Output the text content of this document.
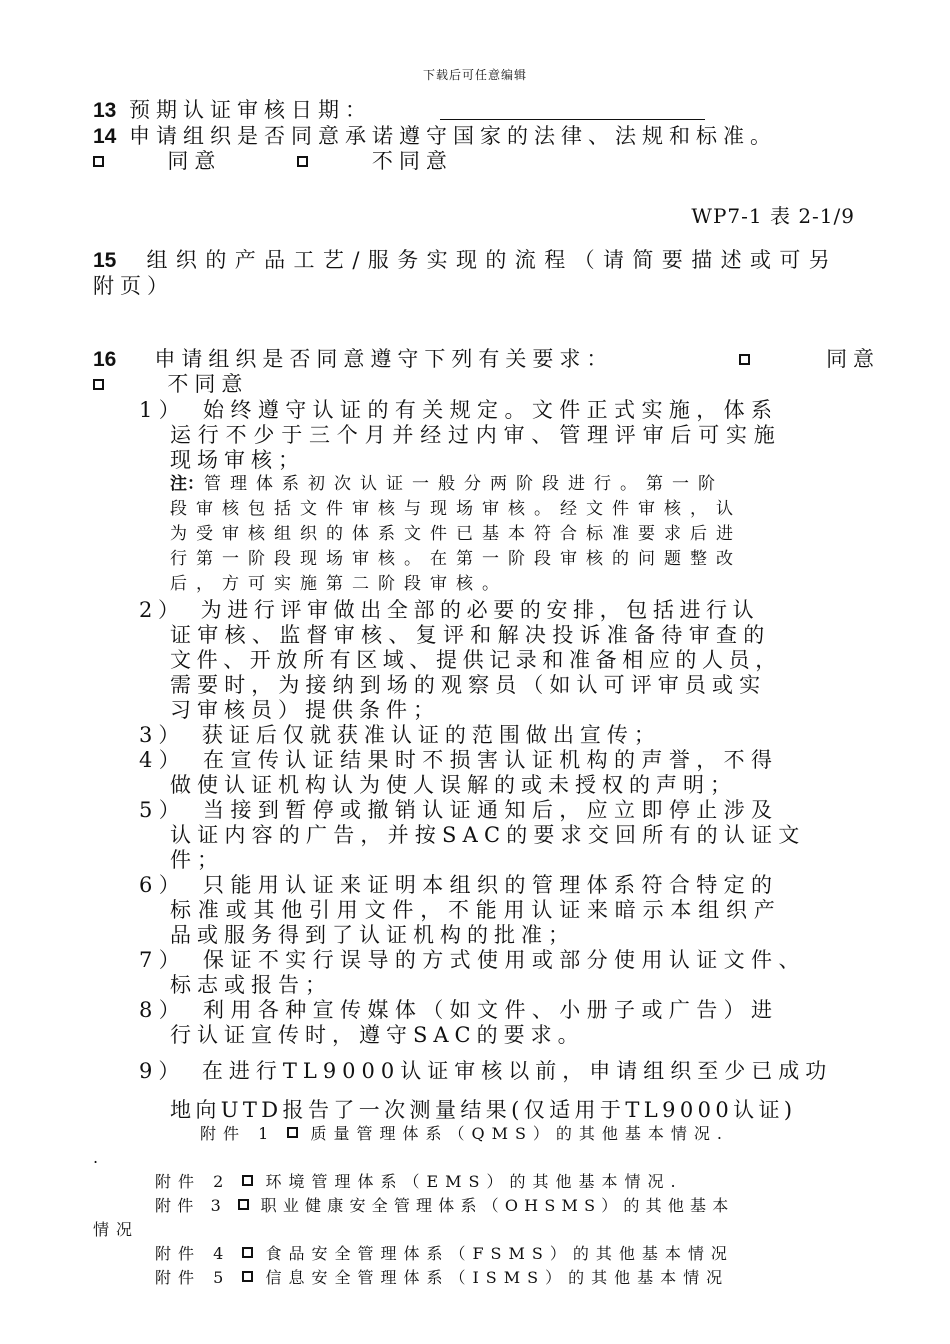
下载后可任意编辑
13 预期认证审核日期：
14 申请组织是否同意承诺遵守国家的法律、法规和标准。
同意	不同意
WP7-1 表 2-1/9
15 组织的产品工艺/服务实现的流程（请简要描述或可另
附页）
16 申请组织是否同意遵守下列有关要求：	同意
不同意
1）　始终遵守认证的有关规定。文件正式实施，体系
运行不少于三个月并经过内审、管理评审后可实施
现场审核；
注：管理体系初次认证一般分两阶段进行。第一阶
段审核包括文件审核与现场审核。经文件审核，认
为受审核组织的体系文件已基本符合标准要求后进
行第一阶段现场审核。在第一阶段审核的问题整改
后，方可实施第二阶段审核。
2）　为进行评审做出全部的必要的安排，包括进行认
证审核、监督审核、复评和解决投诉准备待审查的
文件、开放所有区域、提供记录和准备相应的人员，
需要时，为接纳到场的观察员（如认可评审员或实
习审核员）提供条件；
3）　获证后仅就获准认证的范围做出宣传；
4）　在宣传认证结果时不损害认证机构的声誉，不得
做使认证机构认为使人误解的或未授权的声明；
5）　当接到暂停或撤销认证通知后，应立即停止涉及
认证内容的广告，并按SAC的要求交回所有的认证文
件；
6）　只能用认证来证明本组织的管理体系符合特定的
标准或其他引用文件，不能用认证来暗示本组织产
品或服务得到了认证机构的批准；
7）　保证不实行误导的方式使用或部分使用认证文件、
标志或报告；
8）　利用各种宣传媒体（如文件、小册子或广告）进
行认证宣传时，遵守SAC的要求。
9）　在进行TL9000认证审核以前，申请组织至少已成功
地向UTD报告了一次测量结果(仅适用于TL9000认证)
附件 1  质量管理体系（QMS）的其他基本情况.
.
附件 2  环境管理体系（EMS）的其他基本情况.
附件 3  职业健康安全管理体系（OHSMS）的其他基本
情况
附件 4  食品安全管理体系（FSMS）的其他基本情况
附件 5  信息安全管理体系（ISMS）的其他基本情况
